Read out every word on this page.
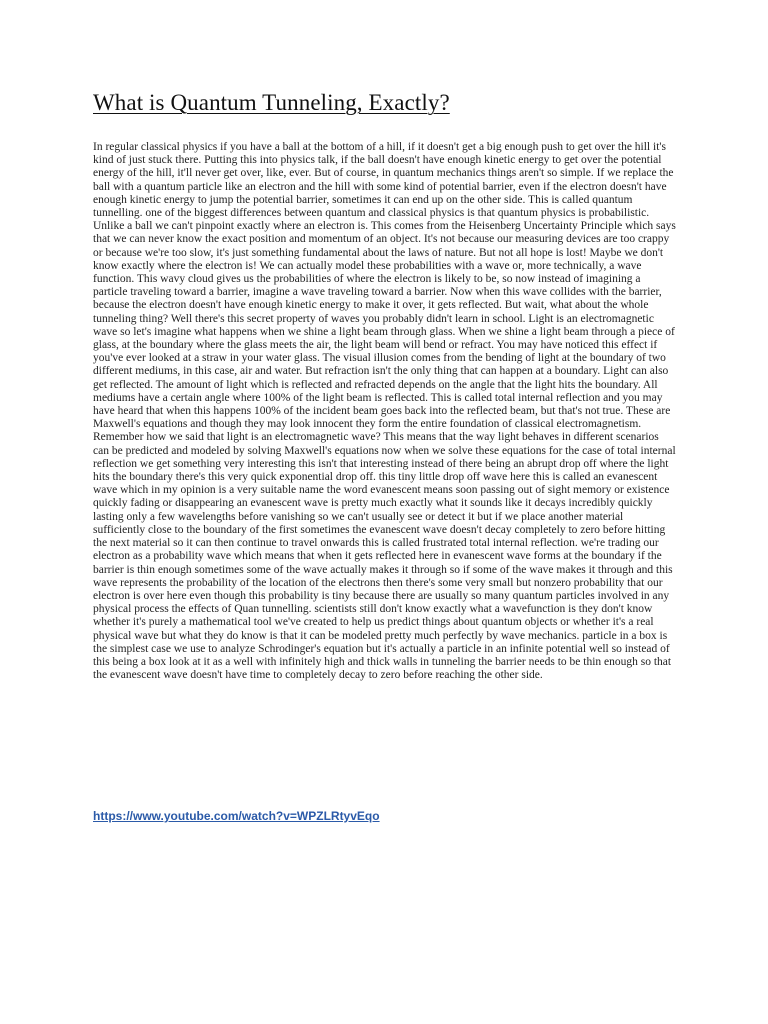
What is Quantum Tunneling, Exactly?

In regular classical physics if you have a ball at the bottom of a hill, if it doesn't get a big enough push to get over the hill it's kind of just stuck there. Putting this into physics talk, if the ball doesn't have enough kinetic energy to get over the potential energy of the hill, it'll never get over, like, ever. But of course, in quantum mechanics things aren't so simple. If we replace the ball with a quantum particle like an electron and the hill with some kind of potential barrier, even if the electron doesn't have enough kinetic energy to jump the potential barrier, sometimes it can end up on the other side. This is called quantum tunnelling. one of the biggest differences between quantum and classical physics is that quantum physics is probabilistic. Unlike a ball we can't pinpoint exactly where an electron is. This comes from the Heisenberg Uncertainty Principle which says that we can never know the exact position and momentum of an object. It's not because our measuring devices are too crappy or because we're too slow, it's just something fundamental about the laws of nature. But not all hope is lost! Maybe we don't know exactly where the electron is! We can actually model these probabilities with a wave or, more technically, a wave function. This wavy cloud gives us the probabilities of where the electron is likely to be, so now instead of imagining a particle traveling toward a barrier, imagine a wave traveling toward a barrier. Now when this wave collides with the barrier, because the electron doesn't have enough kinetic energy to make it over, it gets reflected. But wait, what about the whole tunneling thing? Well there's this secret property of waves you probably didn't learn in school. Light is an electromagnetic wave so let's imagine what happens when we shine a light beam through glass. When we shine a light beam through a piece of glass, at the boundary where the glass meets the air, the light beam will bend or refract. You may have noticed this effect if you've ever looked at a straw in your water glass. The visual illusion comes from the bending of light at the boundary of two different mediums, in this case, air and water. But refraction isn't the only thing that can happen at a boundary. Light can also get reflected. The amount of light which is reflected and refracted depends on the angle that the light hits the boundary. All mediums have a certain angle where 100% of the light beam is reflected. This is called total internal reflection and you may have heard that when this happens 100% of the incident beam goes back into the reflected beam, but that's not true. These are Maxwell's equations and though they may look innocent they form the entire foundation of classical electromagnetism. Remember how we said that light is an electromagnetic wave? This means that the way light behaves in different scenarios can be predicted and modeled by solving Maxwell's equations now when we solve these equations for the case of total internal reflection we get something very interesting this isn't that interesting instead of there being an abrupt drop off where the light hits the boundary there's this very quick exponential drop off. this tiny little drop off wave here this is called an evanescent wave which in my opinion is a very suitable name the word evanescent means soon passing out of sight memory or existence quickly fading or disappearing an evanescent wave is pretty much exactly what it sounds like it decays incredibly quickly lasting only a few wavelengths before vanishing so we can't usually see or detect it but if we place another material sufficiently close to the boundary of the first sometimes the evanescent wave doesn't decay completely to zero before hitting the next material so it can then continue to travel onwards this is called frustrated total internal reflection. we're trading our electron as a probability wave which means that when it gets reflected here in evanescent wave forms at the boundary if the barrier is thin enough sometimes some of the wave actually makes it through so if some of the wave makes it through and this wave represents the probability of the location of the electrons then there's some very small but nonzero probability that our electron is over here even though this probability is tiny because there are usually so many quantum particles involved in any physical process the effects of Quan tunnelling. scientists still don't know exactly what a wavefunction is they don't know whether it's purely a mathematical tool we've created to help us predict things about quantum objects or whether it's a real physical wave but what they do know is that it can be modeled pretty much perfectly by wave mechanics. particle in a box is the simplest case we use to analyze Schrodinger's equation but it's actually a particle in an infinite potential well so instead of this being a box look at it as a well with infinitely high and thick walls in tunneling the barrier needs to be thin enough so that the evanescent wave doesn't have time to completely decay to zero before reaching the other side.

https://www.youtube.com/watch?v=WPZLRtyvEqo
